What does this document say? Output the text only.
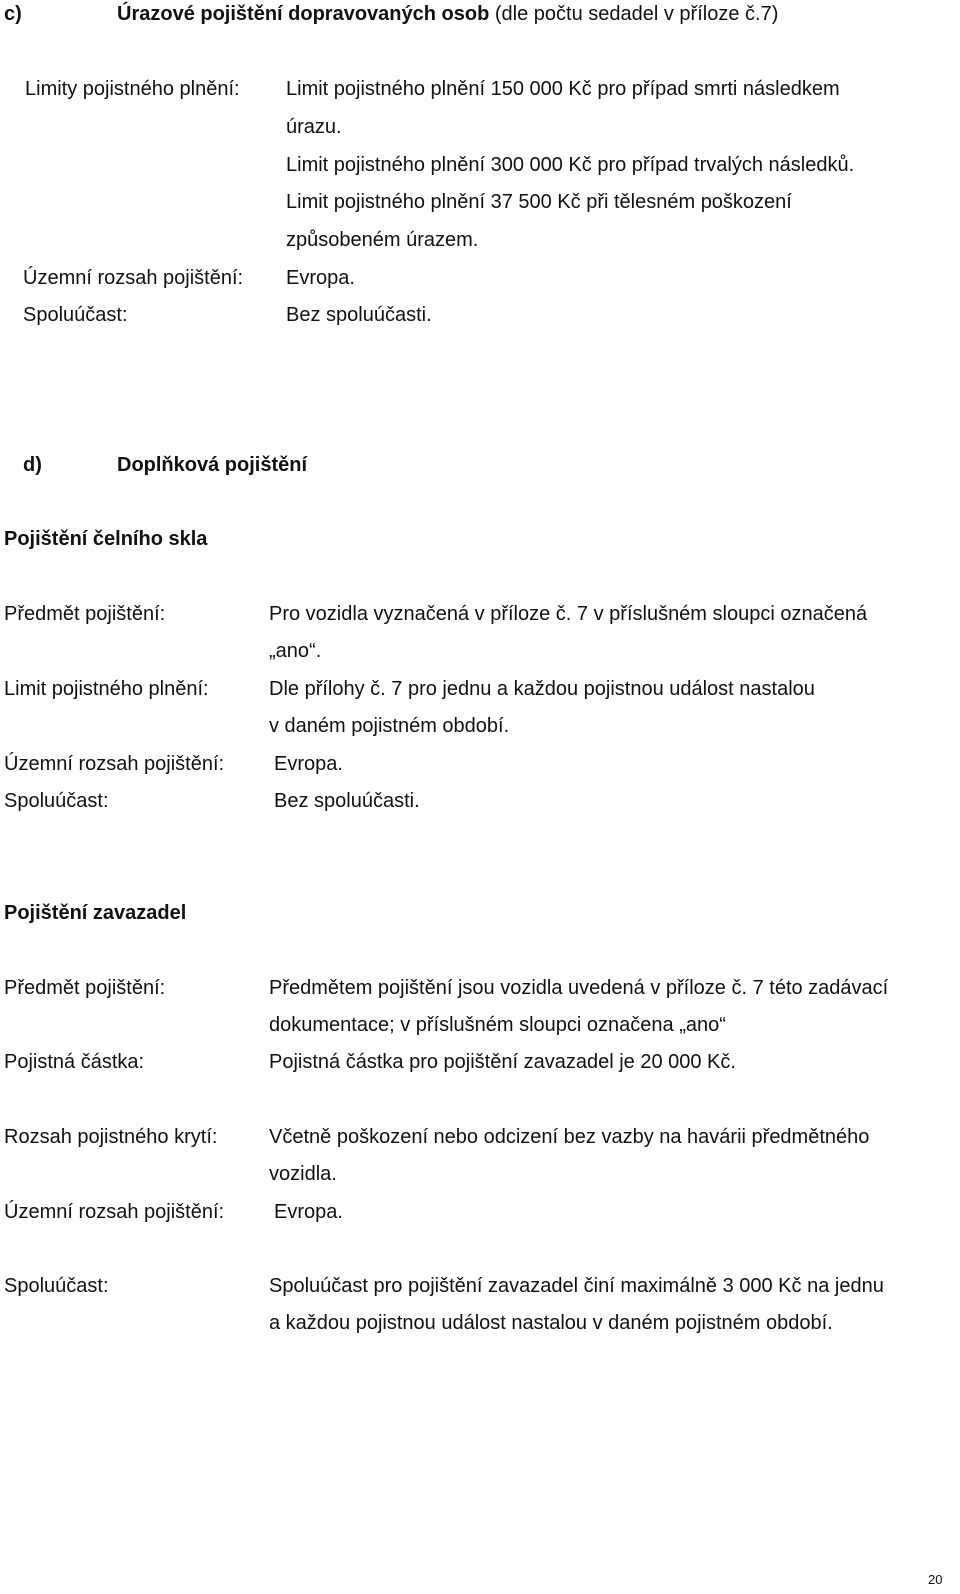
c)	Úrazové pojištění dopravovaných osob (dle počtu sedadel v příloze č.7)
Limity pojistného plnění: Limit pojistného plnění 150 000 Kč pro případ smrti následkem
úrazu.
Limit pojistného plnění 300 000 Kč pro případ trvalých následků.
Limit pojistného plnění 37 500 Kč při tělesném poškození
způsobeném úrazem.
Územní rozsah pojištění: Evropa.
Spoluúčast:	Bez spoluúčasti.
d)	Doplňková pojištění
Pojištění čelního skla
Předmět pojištění:	Pro vozidla vyznačená v příloze č. 7 v příslušném sloupci označená
„ano“.
Limit pojistného plnění:	Dle přílohy č. 7 pro jednu a každou pojistnou událost nastalou
v daném pojistném období.
Územní rozsah pojištění: Evropa.
Spoluúčast:	Bez spoluúčasti.
Pojištění zavazadel
Předmět pojištění:	Předmětem pojištění jsou vozidla uvedená v příloze č. 7 této zadávací
dokumentace; v příslušném sloupci označena „ano“
Pojistná částka:	Pojistná částka pro pojištění zavazadel je 20 000 Kč.
Rozsah pojistného krytí:	Včetně poškození nebo odcizení bez vazby na havárii předmětného
vozidla.
Územní rozsah pojištění: Evropa.
Spoluúčast:	Spoluúčast pro pojištění zavazadel činí maximálně 3 000 Kč na jednu
a každou pojistnou událost nastalou v daném pojistném období.
20
